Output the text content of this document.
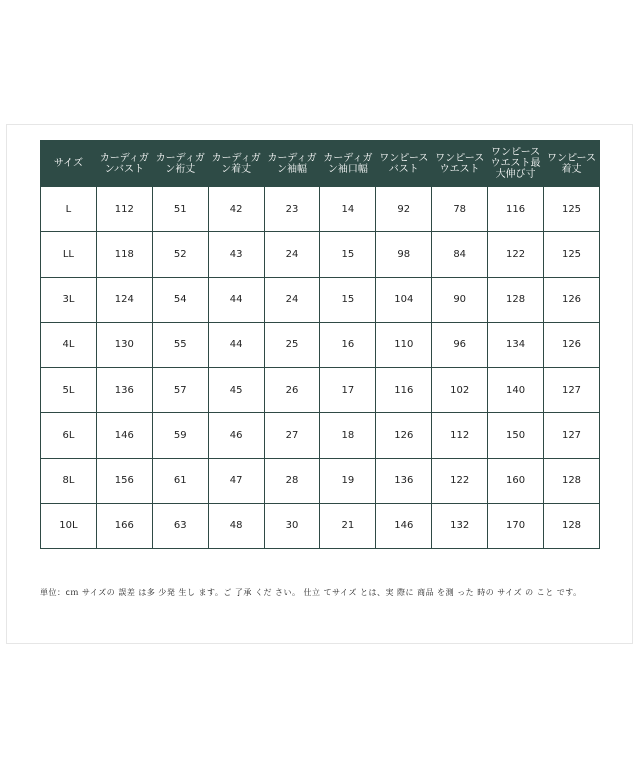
サイズ	カーディガンバスト	カーディガン裄丈	カーディガン着丈	カーディガン袖幅	カーディガン袖口幅	ワンピースバスト	ワンピースウエスト	ワンピースウエスト最大伸び寸	ワンピース着丈
L	112	51	42	23	14	92	78	116	125
LL	118	52	43	24	15	98	84	122	125
3L	124	54	44	24	15	104	90	128	126
4L	130	55	44	25	16	110	96	134	126
5L	136	57	45	26	17	116	102	140	127
6L	146	59	46	27	18	126	112	150	127
8L	156	61	47	28	19	136	122	160	128
10L	166	63	48	30	21	146	132	170	128
単位：cｍ サイズの 誤差 は多 少発 生し ます。ご 了承 くだ さい。 仕立 てサイズ とは、実 際に 商品 を測 った 時の サイズ の こと です。
